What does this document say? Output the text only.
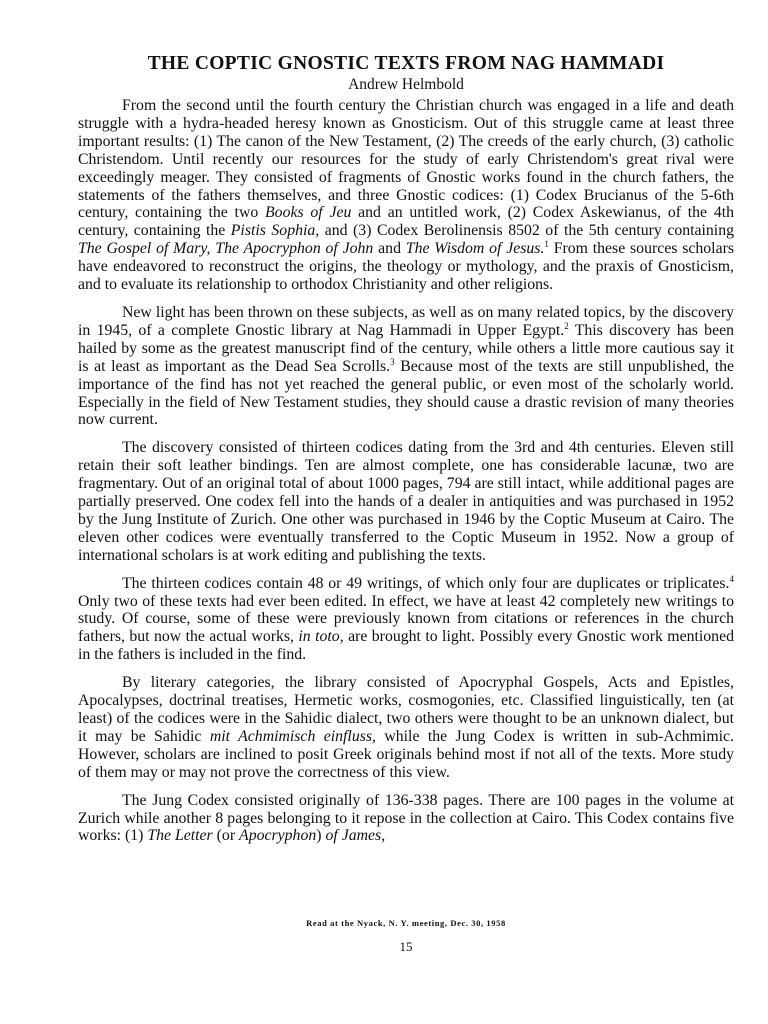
THE COPTIC GNOSTIC TEXTS FROM NAG HAMMADI
Andrew Helmbold

From the second until the fourth century the Christian church was engaged in a life and death struggle with a hydra-headed heresy known as Gnosticism. Out of this struggle came at least three important results: (1) The canon of the New Testament, (2) The creeds of the early church, (3) catholic Christendom. Until recently our resources for the study of early Christendom's great rival were exceedingly meager. They consisted of fragments of Gnostic works found in the church fathers, the statements of the fathers themselves, and three Gnostic codices: (1) Codex Brucianus of the 5-6th century, containing the two Books of Jeu and an untitled work, (2) Codex Askewianus, of the 4th century, containing the Pistis Sophia, and (3) Codex Berolinensis 8502 of the 5th century containing The Gospel of Mary, The Apocryphon of John and The Wisdom of Jesus.$^1$ From these sources scholars have endeavored to reconstruct the origins, the theology or mythology, and the praxis of Gnosticism, and to evaluate its relationship to orthodox Christianity and other religions.

New light has been thrown on these subjects, as well as on many related topics, by the discovery in 1945, of a complete Gnostic library at Nag Hammadi in Upper Egypt.$^2$ This discovery has been hailed by some as the greatest manuscript find of the century, while others a little more cautious say it is at least as important as the Dead Sea Scrolls.$^3$ Because most of the texts are still unpublished, the importance of the find has not yet reached the general public, or even most of the scholarly world. Especially in the field of New Testament studies, they should cause a drastic revision of many theories now current.

The discovery consisted of thirteen codices dating from the 3rd and 4th centuries. Eleven still retain their soft leather bindings. Ten are almost complete, one has considerable lacunæ, two are fragmentary. Out of an original total of about 1000 pages, 794 are still intact, while additional pages are partially preserved. One codex fell into the hands of a dealer in antiquities and was purchased in 1952 by the Jung Institute of Zurich. One other was purchased in 1946 by the Coptic Museum at Cairo. The eleven other codices were eventually transferred to the Coptic Museum in 1952. Now a group of international scholars is at work editing and publishing the texts.

The thirteen codices contain 48 or 49 writings, of which only four are duplicates or triplicates.$^4$ Only two of these texts had ever been edited. In effect, we have at least 42 completely new writings to study. Of course, some of these were previously known from citations or references in the church fathers, but now the actual works, in toto, are brought to light. Possibly every Gnostic work mentioned in the fathers is included in the find.

By literary categories, the library consisted of Apocryphal Gospels, Acts and Epistles, Apocalypses, doctrinal treatises, Hermetic works, cosmogonies, etc. Classified linguistically, ten (at least) of the codices were in the Sahidic dialect, two others were thought to be an unknown dialect, but it may be Sahidic mit Achmimisch einfluss, while the Jung Codex is written in sub-Achmimic. However, scholars are inclined to posit Greek originals behind most if not all of the texts. More study of them may or may not prove the correctness of this view.

The Jung Codex consisted originally of 136-338 pages. There are 100 pages in the volume at Zurich while another 8 pages belonging to it repose in the collection at Cairo. This Codex contains five works: (1) The Letter (or Apocryphon) of James,

Read at the Nyack, N. Y. meeting, Dec. 30, 1958
15
